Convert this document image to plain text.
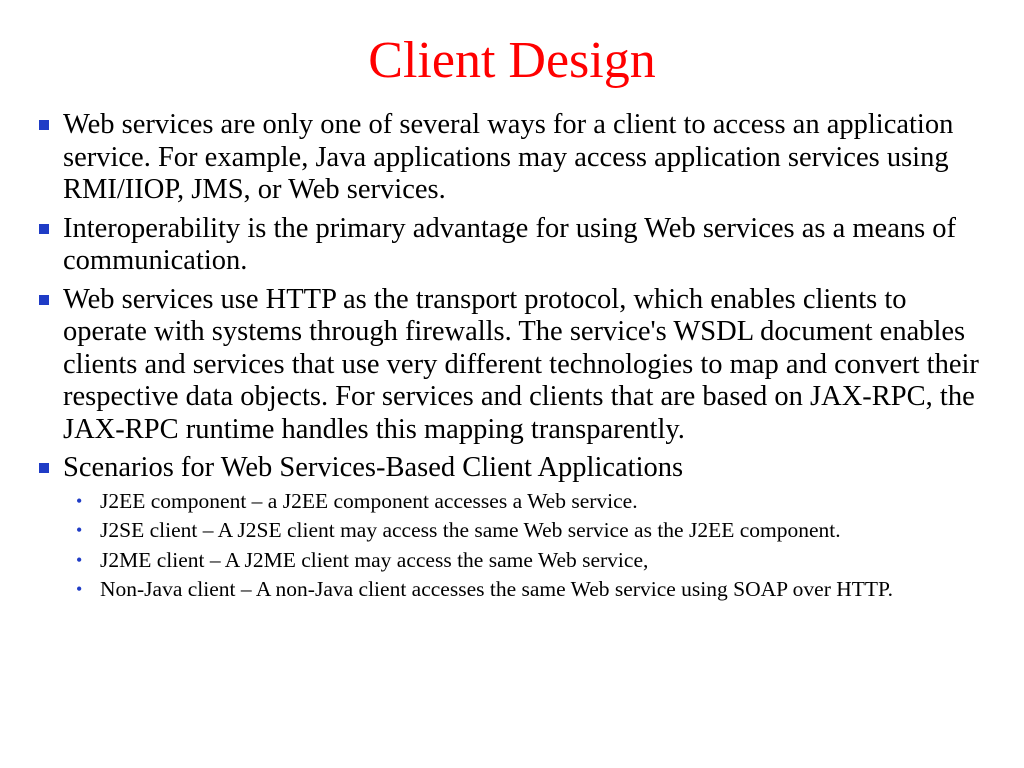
Client Design
Web services are only one of several ways for a client to access an application service. For example, Java applications may access application services using RMI/IIOP, JMS, or Web services.
Interoperability is the primary advantage for using Web services as a means of communication.
Web services use HTTP as the transport protocol, which enables clients to operate with systems through firewalls. The service's WSDL document enables clients and services that use very different technologies to map and convert their respective data objects. For services and clients that are based on JAX-RPC, the JAX-RPC runtime handles this mapping transparently.
Scenarios for Web Services-Based Client Applications
• J2EE component – a J2EE component accesses a Web service.
• J2SE client – A J2SE client may access the same Web service as the J2EE component.
• J2ME client – A J2ME client may access the same Web service,
• Non-Java client – A non-Java client accesses the same Web service using SOAP over HTTP.
